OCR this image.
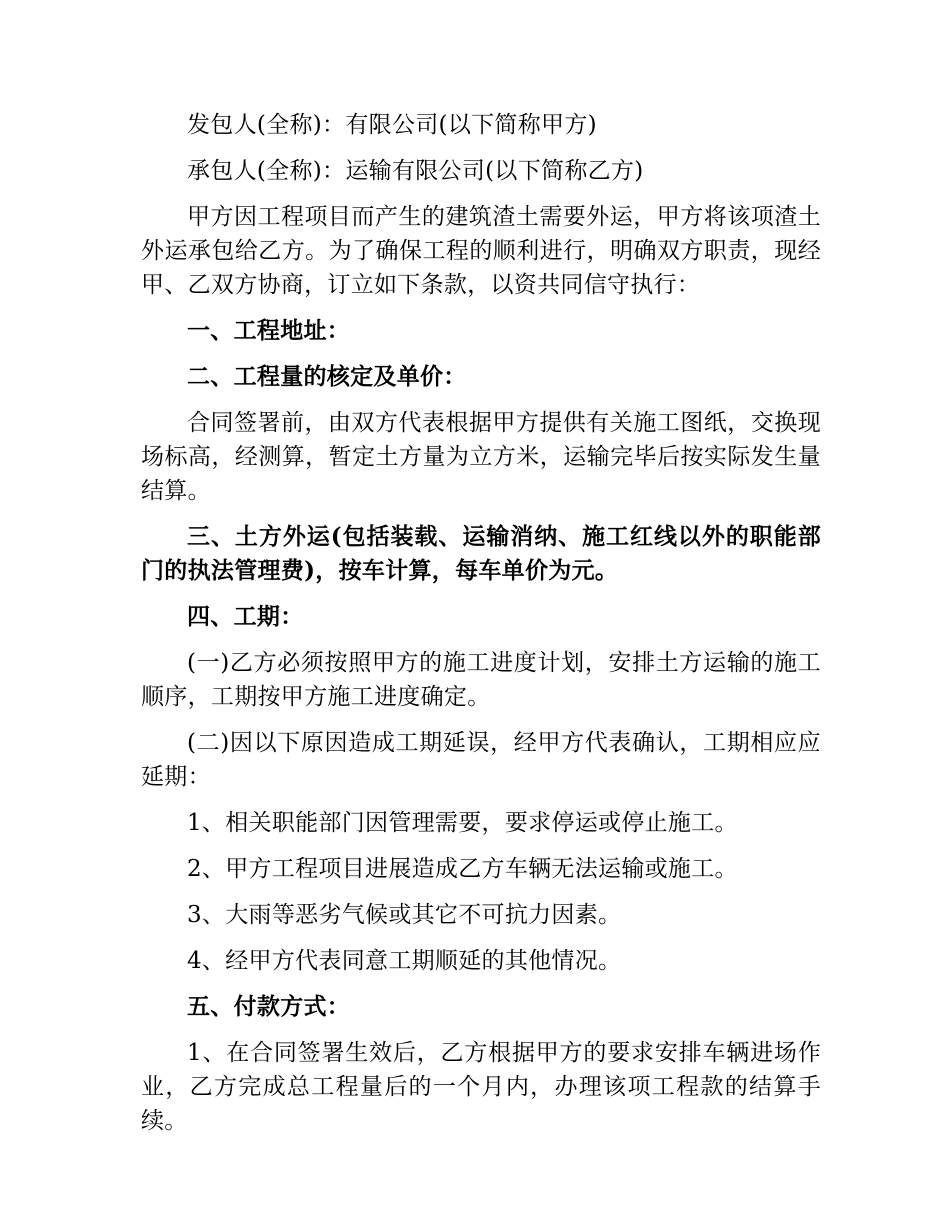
发包人(全称)：有限公司(以下简称甲方)

承包人(全称)：运输有限公司(以下简称乙方)

甲方因工程项目而产生的建筑渣土需要外运，甲方将该项渣土外运承包给乙方。为了确保工程的顺利进行，明确双方职责，现经甲、乙双方协商，订立如下条款，以资共同信守执行：

一、工程地址：

二、工程量的核定及单价：

合同签署前，由双方代表根据甲方提供有关施工图纸，交换现场标高，经测算，暂定土方量为立方米，运输完毕后按实际发生量结算。

三、土方外运(包括装载、运输消纳、施工红线以外的职能部门的执法管理费)，按车计算，每车单价为元。

四、工期：

(一)乙方必须按照甲方的施工进度计划，安排土方运输的施工顺序，工期按甲方施工进度确定。

(二)因以下原因造成工期延误，经甲方代表确认，工期相应应延期：

1、相关职能部门因管理需要，要求停运或停止施工。

2、甲方工程项目进展造成乙方车辆无法运输或施工。

3、大雨等恶劣气候或其它不可抗力因素。

4、经甲方代表同意工期顺延的其他情况。

五、付款方式：

1、在合同签署生效后，乙方根据甲方的要求安排车辆进场作业，乙方完成总工程量后的一个月内，办理该项工程款的结算手续。
